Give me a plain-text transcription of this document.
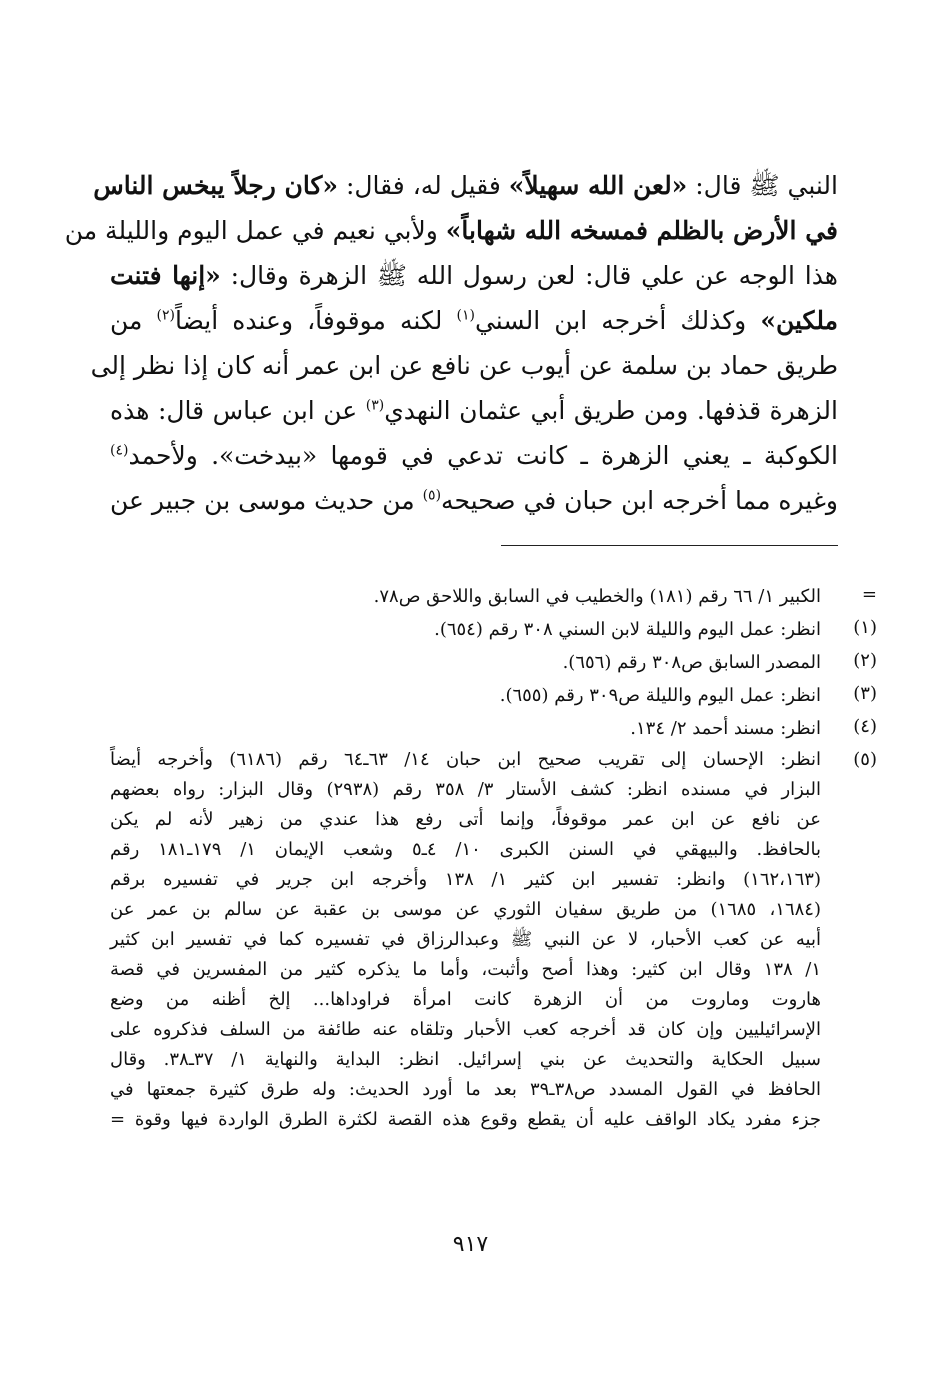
النبي ﷺ قال: «لعن الله سهيلاً» فقيل له، فقال: «كان رجلاً يبخس الناس
في الأرض بالظلم فمسخه الله شهاباً» ولأبي نعيم في عمل اليوم والليلة من
هذا الوجه عن علي قال: لعن رسول الله ﷺ الزهرة وقال: «إنها فتنت
ملكين» وكذلك أخرجه ابن السني$^{(١)}$ لكنه موقوفاً، وعنده أيضاً$^{(٢)}$ من
طريق حماد بن سلمة عن أيوب عن نافع عن ابن عمر أنه كان إذا نظر إلى
الزهرة قذفها. ومن طريق أبي عثمان النهدي$^{(٣)}$ عن ابن عباس قال: هذه
الكوكبة ـ يعني الزهرة ـ كانت تدعي في قومها «بيدخت». ولأحمد$^{(٤)}$
وغيره مما أخرجه ابن حبان في صحيحه$^{(٥)}$ من حديث موسى بن جبير عن
=
الكبير ١/ ٦٦ رقم (١٨١) والخطيب في السابق واللاحق ص٧٨.
(١)
انظر: عمل اليوم والليلة لابن السني ٣٠٨ رقم (٦٥٤).
(٢)
المصدر السابق ص٣٠٨ رقم (٦٥٦).
(٣)
انظر: عمل اليوم والليلة ص٣٠٩ رقم (٦٥٥).
(٤)
انظر: مسند أحمد ٢/ ١٣٤.
(٥)
انظر: الإحسان إلى تقريب صحيح ابن حبان ١٤/ ٦٣ـ٦٤ رقم (٦١٨٦) وأخرجه أيضاً
البزار في مسنده انظر: كشف الأستار ٣/ ٣٥٨ رقم (٢٩٣٨) وقال البزار: رواه بعضهم
عن نافع عن ابن عمر موقوفاً، وإنما أتى رفع هذا عندي من زهير لأنه لم يكن
بالحافظ. والبيهقي في السنن الكبرى ١٠/ ٤ـ٥ وشعب الإيمان ١/ ١٧٩ـ١٨١ رقم
(١٦٢،١٦٣) وانظر: تفسير ابن كثير ١/ ١٣٨ وأخرجه ابن جرير في تفسيره برقم
(١٦٨٤، ١٦٨٥) من طريق سفيان الثوري عن موسى بن عقبة عن سالم بن عمر عن
أبيه عن كعب الأحبار، لا عن النبي ﷺ وعبدالرزاق في تفسيره كما في تفسير ابن كثير
١/ ١٣٨ وقال ابن كثير: وهذا أصح وأثبت، وأما ما يذكره كثير من المفسرين في قصة
هاروت وماروت من أن الزهرة كانت امرأة فراوداها... إلخ أظنه من وضع
الإسرائيليين وإن كان قد أخرجه كعب الأحبار وتلقاه عنه طائفة من السلف فذكروه على
سبيل الحكاية والتحديث عن بني إسرائيل. انظر: البداية والنهاية ١/ ٣٧ـ٣٨. وقال
الحافظ في القول المسدد ص٣٨ـ٣٩ بعد ما أورد الحديث: وله طرق كثيرة جمعتها في
جزء مفرد يكاد الواقف عليه أن يقطع وقوع هذه القصة لكثرة الطرق الواردة فيها وقوة =
٩١٧
